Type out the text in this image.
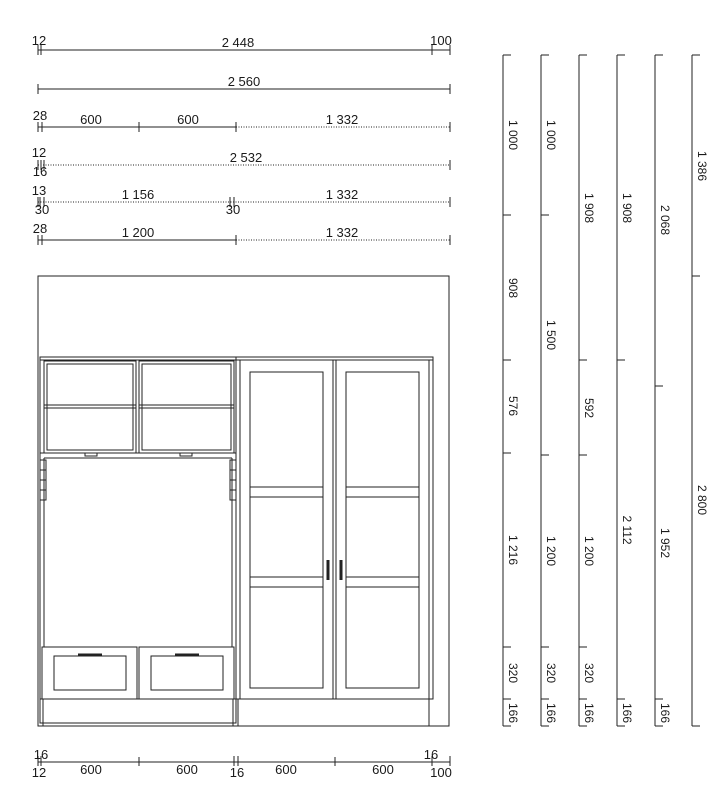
12	2 448	100
2 560
28	600	600	1 332
12
16
2 532
13
30
1 156
30
1 332
28	1 200	1 332
16	16
12	16	100
600	600	600	600
1 000
908
576
1 216
320
166
1 000
1 500
1 200
320
166
1 908
592
1 200
320
166
1 908
2 112
166
2 068
1 952
166
1 386
2 800
